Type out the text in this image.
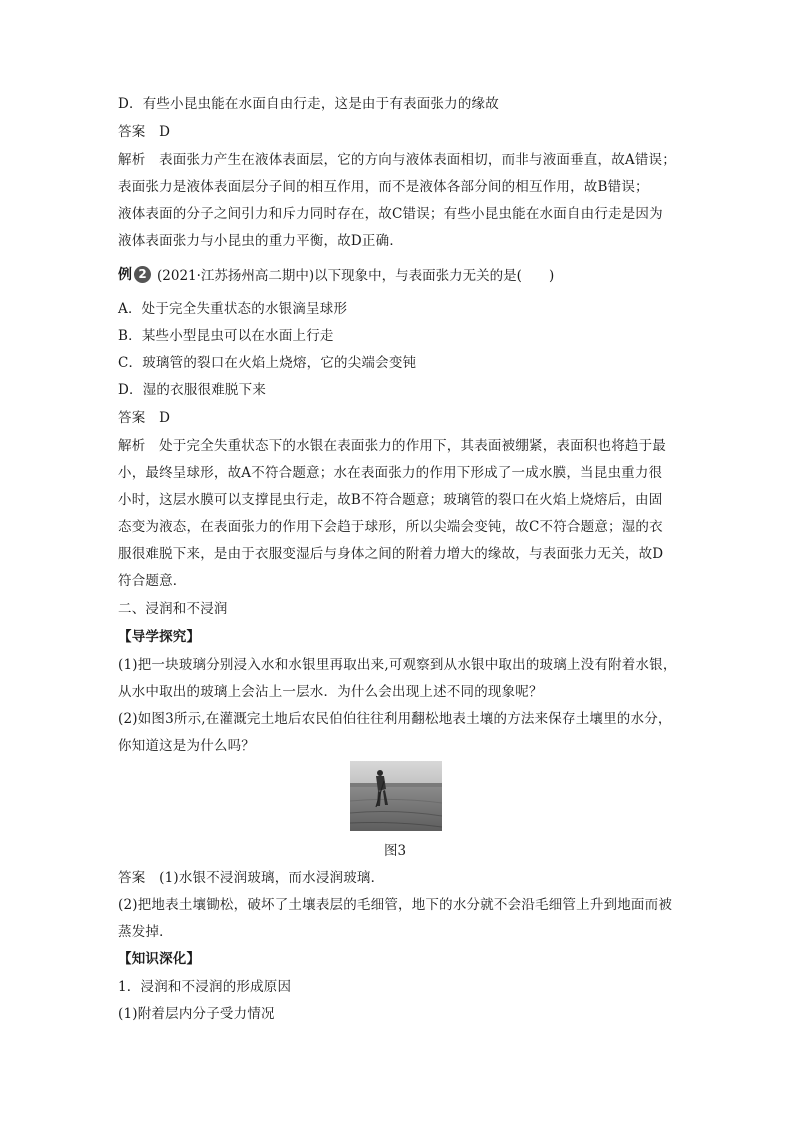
D．有些小昆虫能在水面自由行走，这是由于有表面张力的缘故
答案　D
解析　表面张力产生在液体表面层，它的方向与液体表面相切，而非与液面垂直，故A错误；
表面张力是液体表面层分子间的相互作用，而不是液体各部分间的相互作用，故B错误；
液体表面的分子之间引力和斥力同时存在，故C错误；有些小昆虫能在水面自由行走是因为
液体表面张力与小昆虫的重力平衡，故D正确．
例 2 (2021·江苏扬州高二期中)以下现象中，与表面张力无关的是(　　)
A．处于完全失重状态的水银滴呈球形
B．某些小型昆虫可以在水面上行走
C．玻璃管的裂口在火焰上烧熔，它的尖端会变钝
D．湿的衣服很难脱下来
答案　D
解析　处于完全失重状态下的水银在表面张力的作用下，其表面被绷紧，表面积也将趋于最
小，最终呈球形，故A不符合题意；水在表面张力的作用下形成了一成水膜，当昆虫重力很
小时，这层水膜可以支撑昆虫行走，故B不符合题意；玻璃管的裂口在火焰上烧熔后，由固
态变为液态，在表面张力的作用下会趋于球形，所以尖端会变钝，故C不符合题意；湿的衣
服很难脱下来，是由于衣服变湿后与身体之间的附着力增大的缘故，与表面张力无关，故D
符合题意．
二、浸润和不浸润
【导学探究】
(1)把一块玻璃分别浸入水和水银里再取出来,可观察到从水银中取出的玻璃上没有附着水银，
从水中取出的玻璃上会沾上一层水．为什么会出现上述不同的现象呢？
(2)如图3所示,在灌溉完土地后农民伯伯往往利用翻松地表土壤的方法来保存土壤里的水分，
你知道这是为什么吗？
图3
答案　(1)水银不浸润玻璃，而水浸润玻璃．
(2)把地表土壤锄松，破坏了土壤表层的毛细管，地下的水分就不会沿毛细管上升到地面而被
蒸发掉．
【知识深化】
1．浸润和不浸润的形成原因
(1)附着层内分子受力情况
